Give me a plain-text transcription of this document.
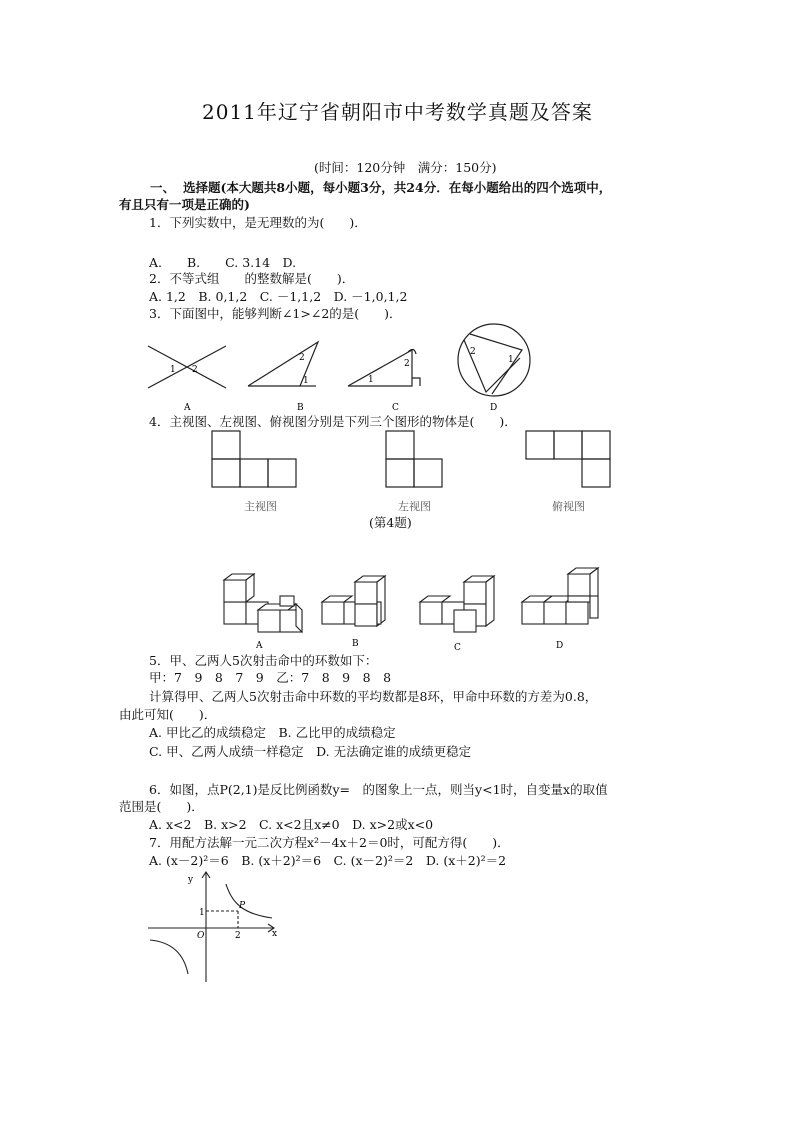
2011年辽宁省朝阳市中考数学真题及答案
(时间：120分钟　满分：150分)
一、 选择题(本大题共8小题，每小题3分，共24分．在每小题给出的四个选项中，
有且只有一项是正确的)
1．下列实数中，是无理数的为(　　)．
A.　　B.　　C. 3.14　D.
2．不等式组　　的整数解是(　　)．
A. 1,2　B. 0,1,2　C. －1,1,2　D. －1,0,1,2
3．下面图中，能够判断∠1>∠2的是(　　)．
1 2
A
2
1
B
1
2
C
2
1
D
4．主视图、左视图、俯视图分别是下列三个图形的物体是(　　)．
主视图	左视图	俯视图
(第4题)
A	B	C	D
5．甲、乙两人5次射击命中的环数如下：
甲：7　9　8　7　9　乙：7　8　9　8　8
计算得甲、乙两人5次射击命中环数的平均数都是8环，甲命中环数的方差为0.8，
由此可知(　　)．
A. 甲比乙的成绩稳定　B. 乙比甲的成绩稳定
C. 甲、乙两人成绩一样稳定　D. 无法确定谁的成绩更稳定
6．如图，点P(2,1)是反比例函数y=　的图象上一点，则当y<1时，自变量x的取值
范围是(　　)．
A. x<2　B. x>2　C. x<2且x≠0　D. x>2或x<0
7．用配方法解一元二次方程x²－4x＋2＝0时，可配方得(　　)．
A. (x－2)²＝6　B. (x＋2)²＝6　C. (x－2)²＝2　D. (x＋2)²＝2
y
x
O
P
1
2
